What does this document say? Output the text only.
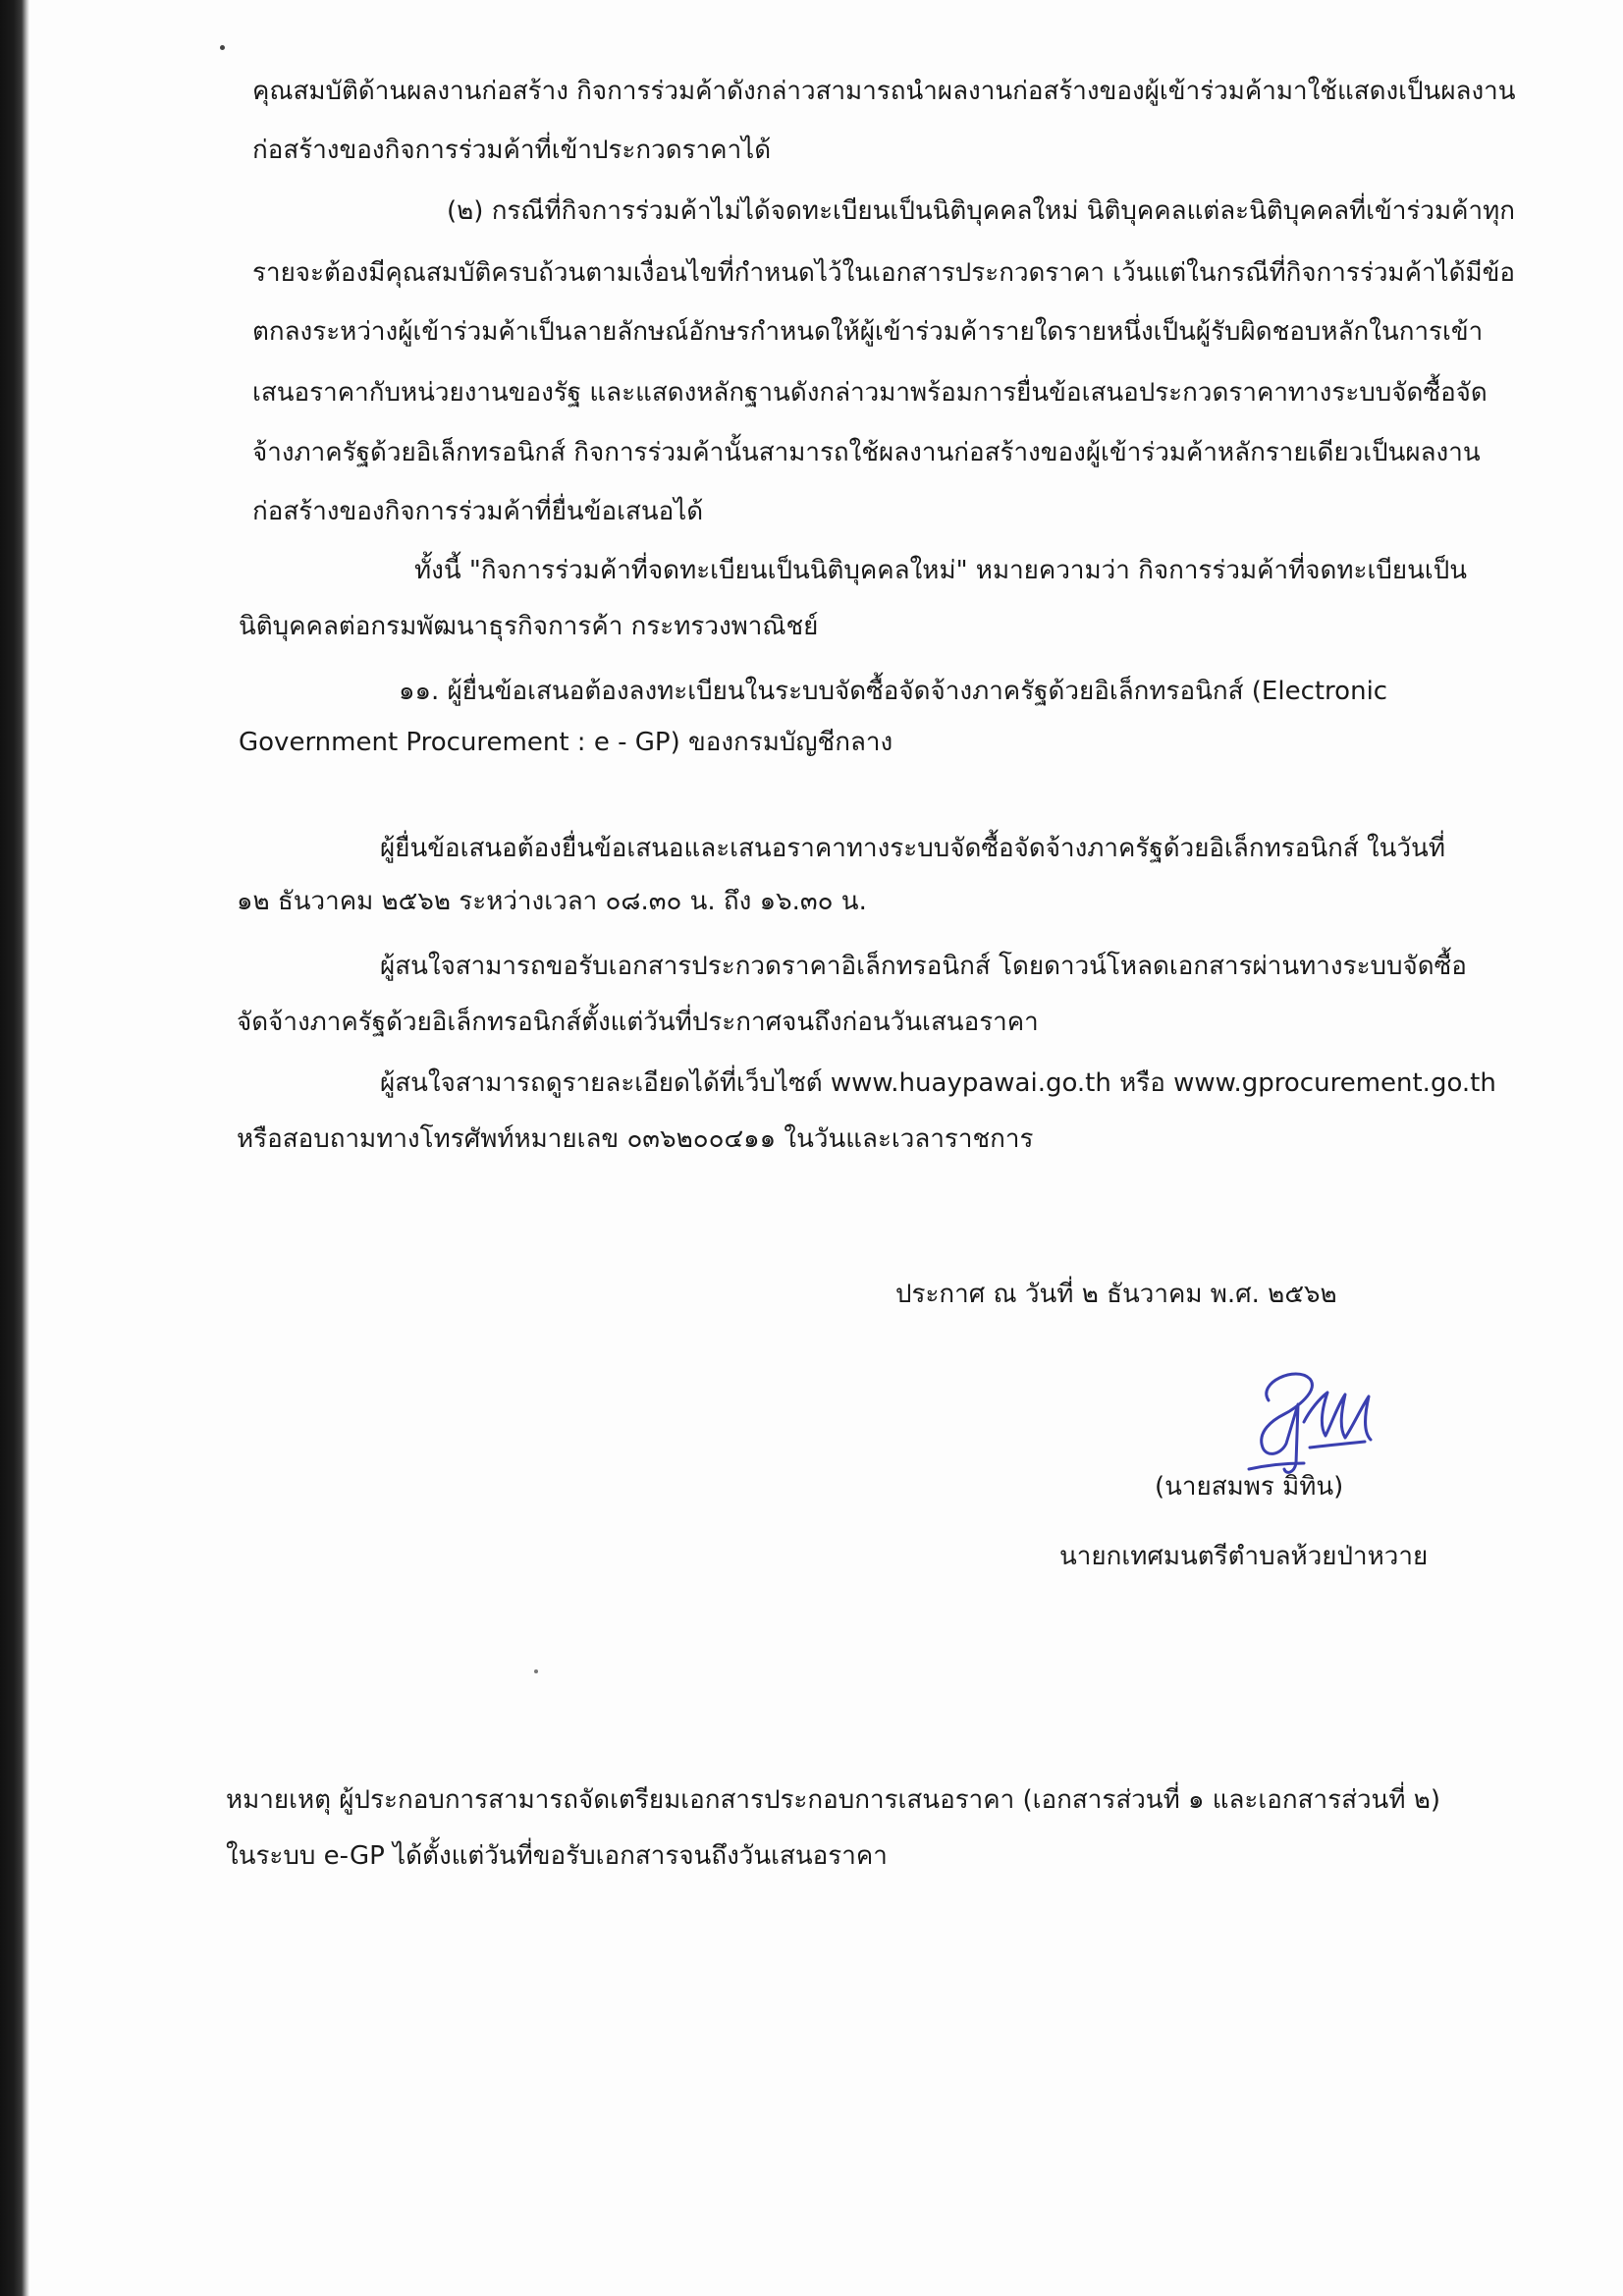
คุณสมบัติด้านผลงานก่อสร้าง กิจการร่วมค้าดังกล่าวสามารถนำผลงานก่อสร้างของผู้เข้าร่วมค้ามาใช้แสดงเป็นผลงาน
ก่อสร้างของกิจการร่วมค้าที่เข้าประกวดราคาได้
(๒) กรณีที่กิจการร่วมค้าไม่ได้จดทะเบียนเป็นนิติบุคคลใหม่ นิติบุคคลแต่ละนิติบุคคลที่เข้าร่วมค้าทุก
รายจะต้องมีคุณสมบัติครบถ้วนตามเงื่อนไขที่กำหนดไว้ในเอกสารประกวดราคา เว้นแต่ในกรณีที่กิจการร่วมค้าได้มีข้อ
ตกลงระหว่างผู้เข้าร่วมค้าเป็นลายลักษณ์อักษรกำหนดให้ผู้เข้าร่วมค้ารายใดรายหนึ่งเป็นผู้รับผิดชอบหลักในการเข้า
เสนอราคากับหน่วยงานของรัฐ และแสดงหลักฐานดังกล่าวมาพร้อมการยื่นข้อเสนอประกวดราคาทางระบบจัดซื้อจัด
จ้างภาครัฐด้วยอิเล็กทรอนิกส์ กิจการร่วมค้านั้นสามารถใช้ผลงานก่อสร้างของผู้เข้าร่วมค้าหลักรายเดียวเป็นผลงาน
ก่อสร้างของกิจการร่วมค้าที่ยื่นข้อเสนอได้
ทั้งนี้ "กิจการร่วมค้าที่จดทะเบียนเป็นนิติบุคคลใหม่" หมายความว่า กิจการร่วมค้าที่จดทะเบียนเป็น
นิติบุคคลต่อกรมพัฒนาธุรกิจการค้า กระทรวงพาณิชย์
๑๑. ผู้ยื่นข้อเสนอต้องลงทะเบียนในระบบจัดซื้อจัดจ้างภาครัฐด้วยอิเล็กทรอนิกส์ (Electronic
Government Procurement : e - GP) ของกรมบัญชีกลาง
ผู้ยื่นข้อเสนอต้องยื่นข้อเสนอและเสนอราคาทางระบบจัดซื้อจัดจ้างภาครัฐด้วยอิเล็กทรอนิกส์ ในวันที่
๑๒ ธันวาคม ๒๕๖๒ ระหว่างเวลา ๐๘.๓๐ น. ถึง ๑๖.๓๐ น.
ผู้สนใจสามารถขอรับเอกสารประกวดราคาอิเล็กทรอนิกส์ โดยดาวน์โหลดเอกสารผ่านทางระบบจัดซื้อ
จัดจ้างภาครัฐด้วยอิเล็กทรอนิกส์ตั้งแต่วันที่ประกาศจนถึงก่อนวันเสนอราคา
ผู้สนใจสามารถดูรายละเอียดได้ที่เว็บไซต์ www.huaypawai.go.th หรือ www.gprocurement.go.th
หรือสอบถามทางโทรศัพท์หมายเลข ๐๓๖๒๐๐๔๑๑ ในวันและเวลาราชการ
ประกาศ ณ วันที่ ๒ ธันวาคม พ.ศ. ๒๕๖๒
(นายสมพร มิทิน)
นายกเทศมนตรีตำบลห้วยป่าหวาย
หมายเหตุ ผู้ประกอบการสามารถจัดเตรียมเอกสารประกอบการเสนอราคา (เอกสารส่วนที่ ๑ และเอกสารส่วนที่ ๒)
ในระบบ e-GP ได้ตั้งแต่วันที่ขอรับเอกสารจนถึงวันเสนอราคา
